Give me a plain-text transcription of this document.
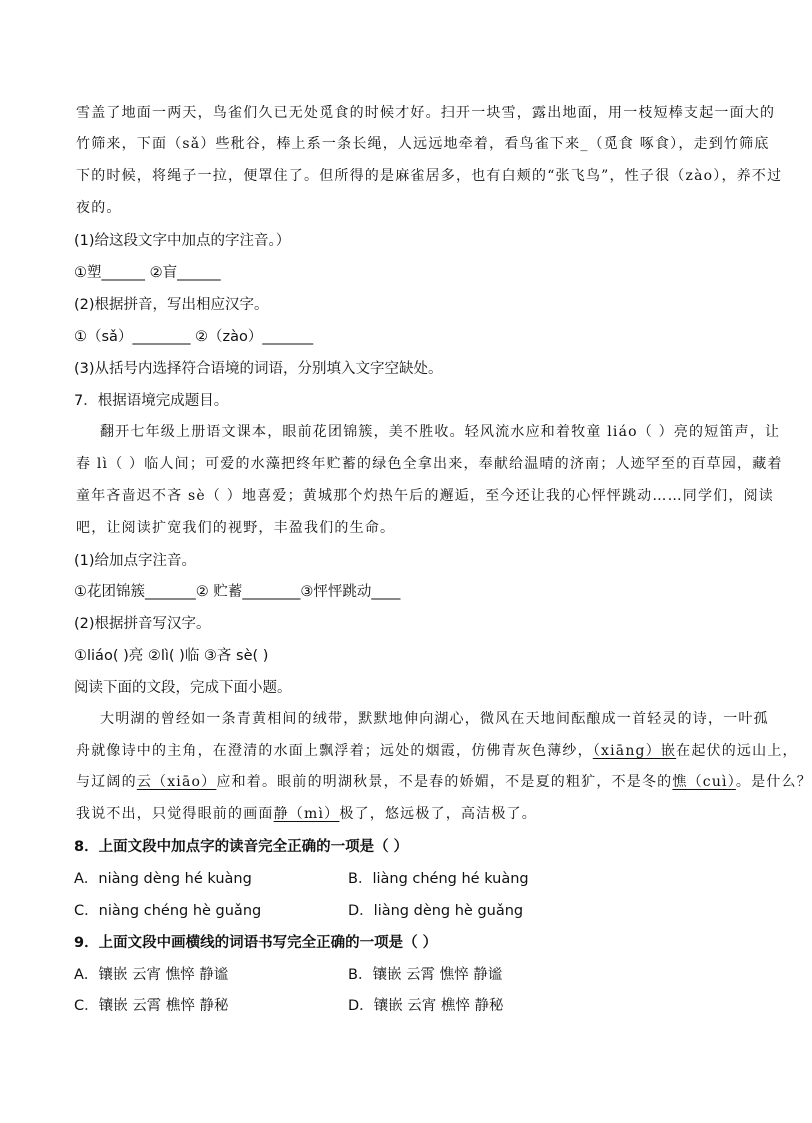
雪盖了地面一两天，鸟雀们久已无处觅食的时候才好。扫开一块雪，露出地面，用一枝短棒支起一面大的
竹筛来，下面（sǎ）些秕谷，棒上系一条长绳，人远远地牵着，看鸟雀下来_（觅食 啄食），走到竹筛底
下的时候，将绳子一拉，便罩住了。但所得的是麻雀居多，也有白颊的“张飞鸟”，性子很（zào），养不过
夜的。
(1)给这段文字中加点的字注音。）
①塑______ ②盲______
(2)根据拼音，写出相应汉字。
①（sǎ）________ ②（zào）_______
(3)从括号内选择符合语境的词语，分别填入文字空缺处。
7．根据语境完成题目。
翻开七年级上册语文课本，眼前花团锦簇，美不胜收。轻风流水应和着牧童 liáo（ ）亮的短笛声，让
春 lì（ ）临人间；可爱的水藻把终年贮蓄的绿色全拿出来，奉献给温晴的济南；人迹罕至的百草园，藏着
童年吝啬迟不吝 sè（ ）地喜爱；黄城那个灼热午后的邂逅，至今还让我的心怦怦跳动……同学们，阅读
吧，让阅读扩宽我们的视野，丰盈我们的生命。
(1)给加点字注音。
①花团锦簇_______② 贮蓄________③怦怦跳动____
(2)根据拼音写汉字。
①liáo( )亮 ②lì( )临 ③吝 sè( )
阅读下面的文段，完成下面小题。
大明湖的曾经如一条青黄相间的绒带，默默地伸向湖心，微风在天地间酝酿成一首轻灵的诗，一叶孤
舟就像诗中的主角，在澄清的水面上飘浮着；远处的烟霞，仿佛青灰色薄纱，（xiāng）嵌在起伏的远山上，
与辽阔的云（xiāo）应和着。眼前的明湖秋景，不是春的娇媚，不是夏的粗犷，不是冬的憔（cuì）。是什么？
我说不出，只觉得眼前的画面静（mì）极了，悠远极了，高洁极了。
8．上面文段中加点字的读音完全正确的一项是（ ）
A．niàng dèng hé kuàng	B．liàng chéng hé kuàng
C．niàng chéng hè guǎng	D．liàng dèng hè guǎng
9．上面文段中画横线的词语书写完全正确的一项是（ ）
A．镶嵌 云宵 憔悴 静谧	B．镶嵌 云霄 憔悴 静谧
C．镶嵌 云霄 樵悴 静秘	D．镶嵌 云宵 樵悴 静秘
